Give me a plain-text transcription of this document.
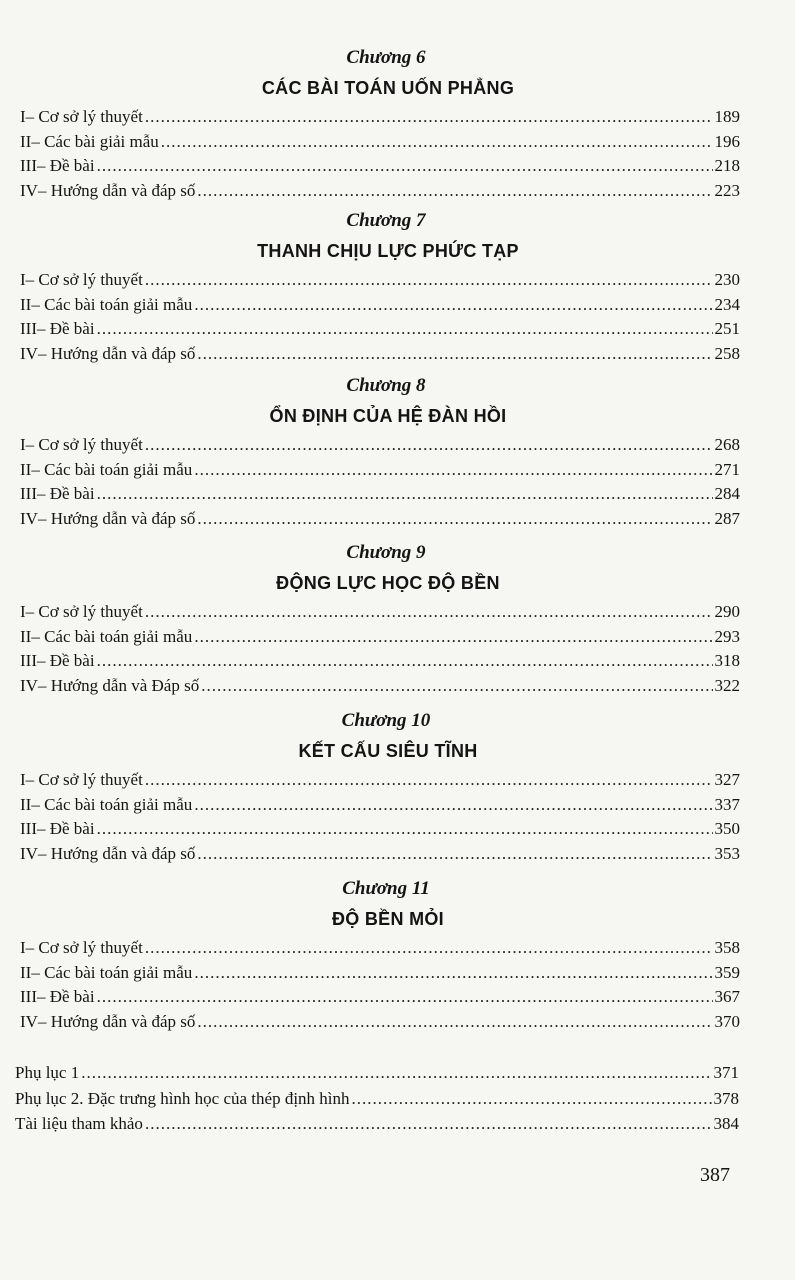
Chương 6
CÁC BÀI TOÁN UỐN PHẲNG
I– Cơ sở lý thuyết .....	189
II– Các bài giải mẫu .....	196
III– Đề bài .....	218
IV– Hướng dẫn và đáp số .....	223
Chương 7
THANH CHỊU LỰC PHỨC TẠP
I– Cơ sở lý thuyết .....	230
II– Các bài toán giải mẫu .....	234
III– Đề bài .....	251
IV– Hướng dẫn và đáp số .....	258
Chương 8
ỔN ĐỊNH CỦA HỆ ĐÀN HỒI
I– Cơ sở lý thuyết .....	268
II– Các bài toán giải mẫu .....	271
III– Đề bài .....	284
IV– Hướng dẫn và đáp số .....	287
Chương 9
ĐỘNG LỰC HỌC ĐỘ BỀN
I– Cơ sở lý thuyết .....	290
II– Các bài toán giải mẫu .....	293
III– Đề bài .....	318
IV– Hướng dẫn và Đáp số .....	322
Chương 10
KẾT CẤU SIÊU TĨNH
I– Cơ sở lý thuyết .....	327
II– Các bài toán giải mẫu .....	337
III– Đề bài .....	350
IV– Hướng dẫn và đáp số .....	353
Chương 11
ĐỘ BỀN MỎI
I– Cơ sở lý thuyết .....	358
II– Các bài toán giải mẫu .....	359
III– Đề bài .....	367
IV– Hướng dẫn và đáp số .....	370
Phụ lục 1 .....	371
Phụ lục 2. Đặc trưng hình học của thép định hình .....	378
Tài liệu tham khảo .....	384
387
